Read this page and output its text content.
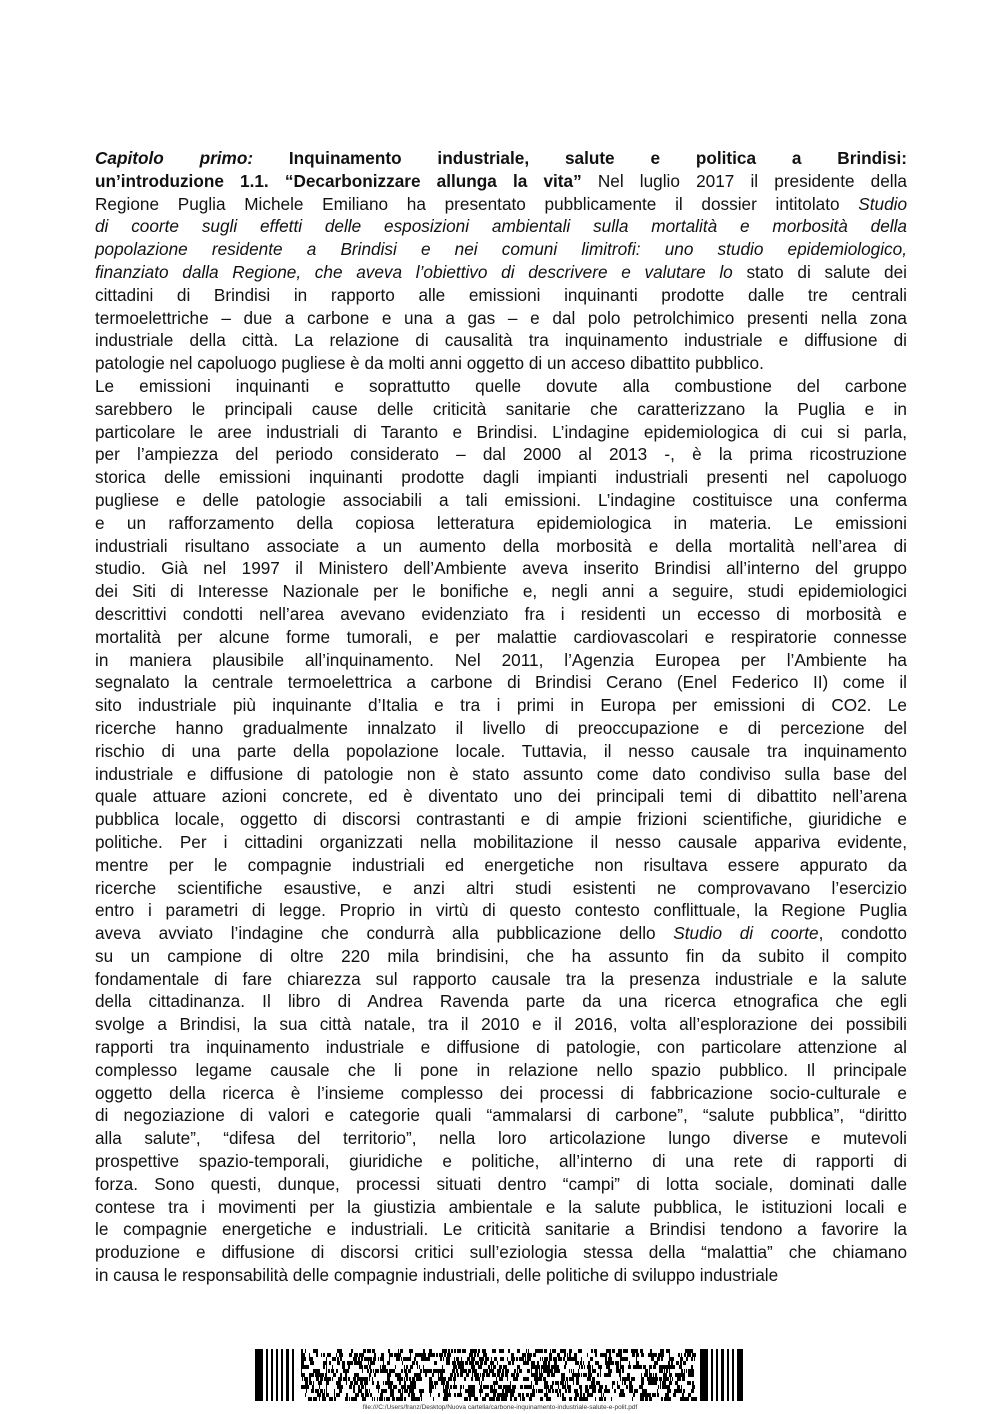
Capitolo primo: Inquinamento industriale, salute e politica a Brindisi:
un’introduzione 1.1. “Decarbonizzare allunga la vita” Nel luglio 2017 il presidente della
Regione Puglia Michele Emiliano ha presentato pubblicamente il dossier intitolato Studio
di coorte sugli effetti delle esposizioni ambientali sulla mortalità e morbosità della
popolazione residente a Brindisi e nei comuni limitrofi: uno studio epidemiologico,
finanziato dalla Regione, che aveva l’obiettivo di descrivere e valutare lo stato di salute dei
cittadini di Brindisi in rapporto alle emissioni inquinanti prodotte dalle tre centrali
termoelettriche – due a carbone e una a gas – e dal polo petrolchimico presenti nella zona
industriale della città. La relazione di causalità tra inquinamento industriale e diffusione di
patologie nel capoluogo pugliese è da molti anni oggetto di un acceso dibattito pubblico.
Le emissioni inquinanti e soprattutto quelle dovute alla combustione del carbone
sarebbero le principali cause delle criticità sanitarie che caratterizzano la Puglia e in
particolare le aree industriali di Taranto e Brindisi. L’indagine epidemiologica di cui si parla,
per l’ampiezza del periodo considerato – dal 2000 al 2013 -, è la prima ricostruzione
storica delle emissioni inquinanti prodotte dagli impianti industriali presenti nel capoluogo
pugliese e delle patologie associabili a tali emissioni. L’indagine costituisce una conferma
e un rafforzamento della copiosa letteratura epidemiologica in materia. Le emissioni
industriali risultano associate a un aumento della morbosità e della mortalità nell’area di
studio. Già nel 1997 il Ministero dell’Ambiente aveva inserito Brindisi all’interno del gruppo
dei Siti di Interesse Nazionale per le bonifiche e, negli anni a seguire, studi epidemiologici
descrittivi condotti nell’area avevano evidenziato fra i residenti un eccesso di morbosità e
mortalità per alcune forme tumorali, e per malattie cardiovascolari e respiratorie connesse
in maniera plausibile all’inquinamento. Nel 2011, l’Agenzia Europea per l’Ambiente ha
segnalato la centrale termoelettrica a carbone di Brindisi Cerano (Enel Federico II) come il
sito industriale più inquinante d’Italia e tra i primi in Europa per emissioni di CO2. Le
ricerche hanno gradualmente innalzato il livello di preoccupazione e di percezione del
rischio di una parte della popolazione locale. Tuttavia, il nesso causale tra inquinamento
industriale e diffusione di patologie non è stato assunto come dato condiviso sulla base del
quale attuare azioni concrete, ed è diventato uno dei principali temi di dibattito nell’arena
pubblica locale, oggetto di discorsi contrastanti e di ampie frizioni scientifiche, giuridiche e
politiche. Per i cittadini organizzati nella mobilitazione il nesso causale appariva evidente,
mentre per le compagnie industriali ed energetiche non risultava essere appurato da
ricerche scientifiche esaustive, e anzi altri studi esistenti ne comprovavano l’esercizio
entro i parametri di legge. Proprio in virtù di questo contesto conflittuale, la Regione Puglia
aveva avviato l’indagine che condurrà alla pubblicazione dello Studio di coorte, condotto
su un campione di oltre 220 mila brindisini, che ha assunto fin da subito il compito
fondamentale di fare chiarezza sul rapporto causale tra la presenza industriale e la salute
della cittadinanza. Il libro di Andrea Ravenda parte da una ricerca etnografica che egli
svolge a Brindisi, la sua città natale, tra il 2010 e il 2016, volta all’esplorazione dei possibili
rapporti tra inquinamento industriale e diffusione di patologie, con particolare attenzione al
complesso legame causale che li pone in relazione nello spazio pubblico. Il principale
oggetto della ricerca è l’insieme complesso dei processi di fabbricazione socio-culturale e
di negoziazione di valori e categorie quali “ammalarsi di carbone”, “salute pubblica”, “diritto
alla salute”, “difesa del territorio”, nella loro articolazione lungo diverse e mutevoli
prospettive spazio-temporali, giuridiche e politiche, all’interno di una rete di rapporti di
forza. Sono questi, dunque, processi situati dentro “campi” di lotta sociale, dominati dalle
contese tra i movimenti per la giustizia ambientale e la salute pubblica, le istituzioni locali e
le compagnie energetiche e industriali. Le criticità sanitarie a Brindisi tendono a favorire la
produzione e diffusione di discorsi critici sull’eziologia stessa della “malattia” che chiamano
in causa le responsabilità delle compagnie industriali, delle politiche di sviluppo industriale
file:///C:/Users/franz/Desktop/Nuova cartella/carbone-inquinamento-industriale-salute-e-polit.pdf
